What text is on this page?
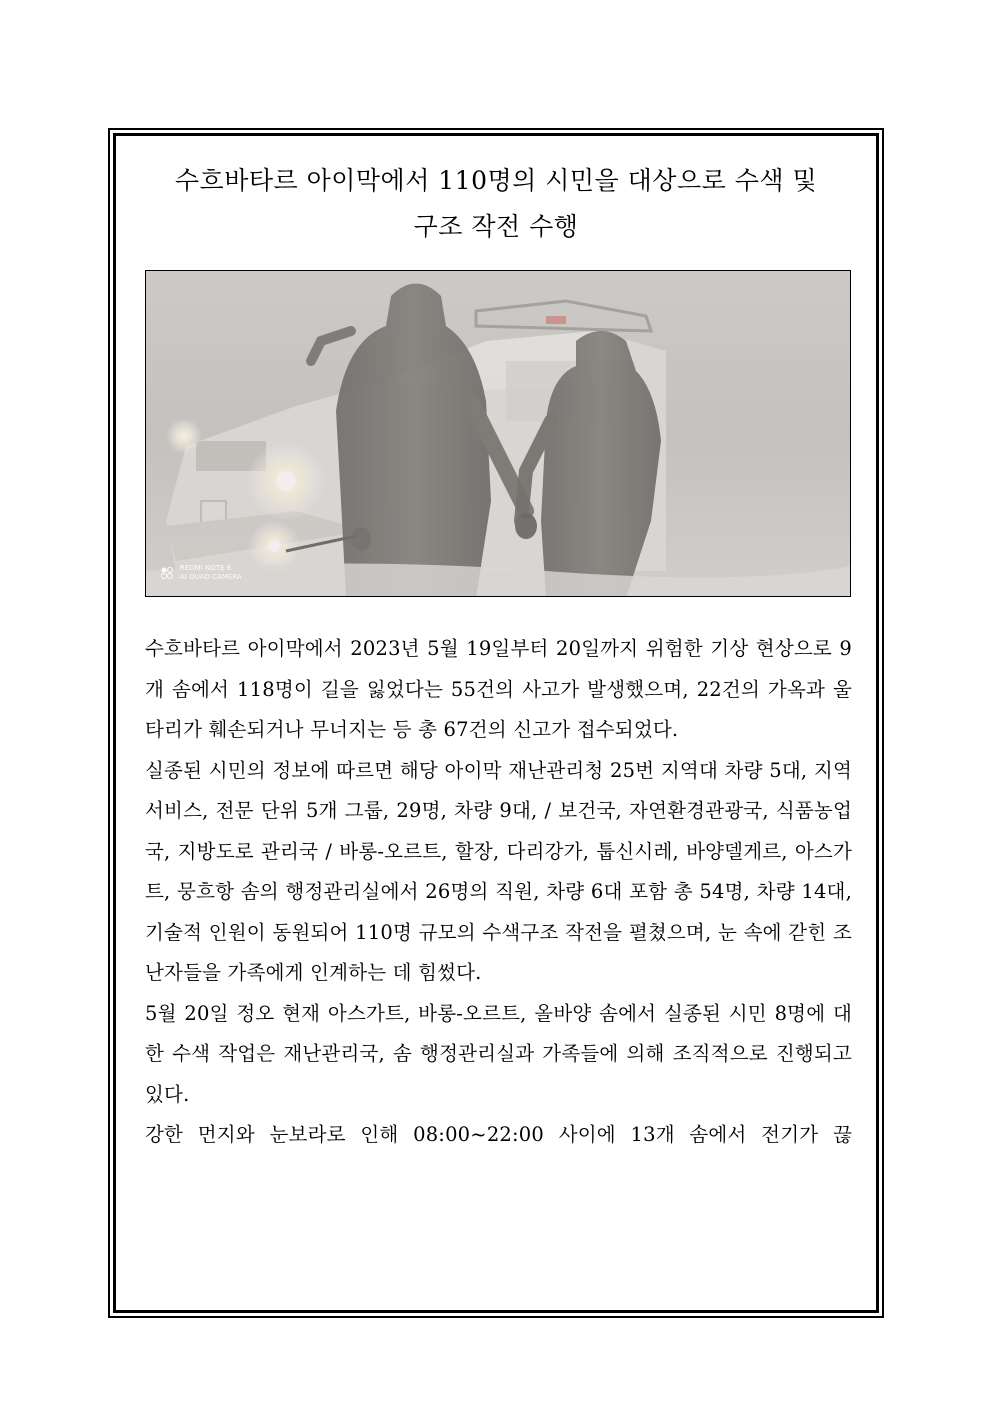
수흐바타르 아이막에서 110명의 시민을 대상으로 수색 및
구조 작전 수행
REDMI NOTE 8
AI QUAD CAMERA

수흐바타르 아이막에서 2023년 5월 19일부터 20일까지 위험한 기상 현상으로 9개 솜에서 118명이 길을 잃었다는 55건의 사고가 발생했으며, 22건의 가옥과 울타리가 훼손되거나 무너지는 등 총 67건의 신고가 접수되었다.

실종된 시민의 정보에 따르면 해당 아이막 재난관리청 25번 지역대 차량 5대, 지역 서비스, 전문 단위 5개 그룹, 29명, 차량 9대, / 보건국, 자연환경관광국, 식품농업국, 지방도로 관리국 / 바롱-오르트, 할장, 다리강가, 툽신시레, 바양델게르, 아스가트, 뭉흐항 솜의 행정관리실에서 26명의 직원, 차량 6대 포함 총 54명, 차량 14대, 기술적 인원이 동원되어 110명 규모의 수색구조 작전을 펼쳤으며, 눈 속에 갇힌 조난자들을 가족에게 인계하는 데 힘썼다.

5월 20일 정오 현재 아스가트, 바롱-오르트, 올바양 솜에서 실종된 시민 8명에 대한 수색 작업은 재난관리국, 솜 행정관리실과 가족들에 의해 조직적으로 진행되고 있다.

강한 먼지와 눈보라로 인해 08:00~22:00 사이에 13개 솜에서 전기가 끊
